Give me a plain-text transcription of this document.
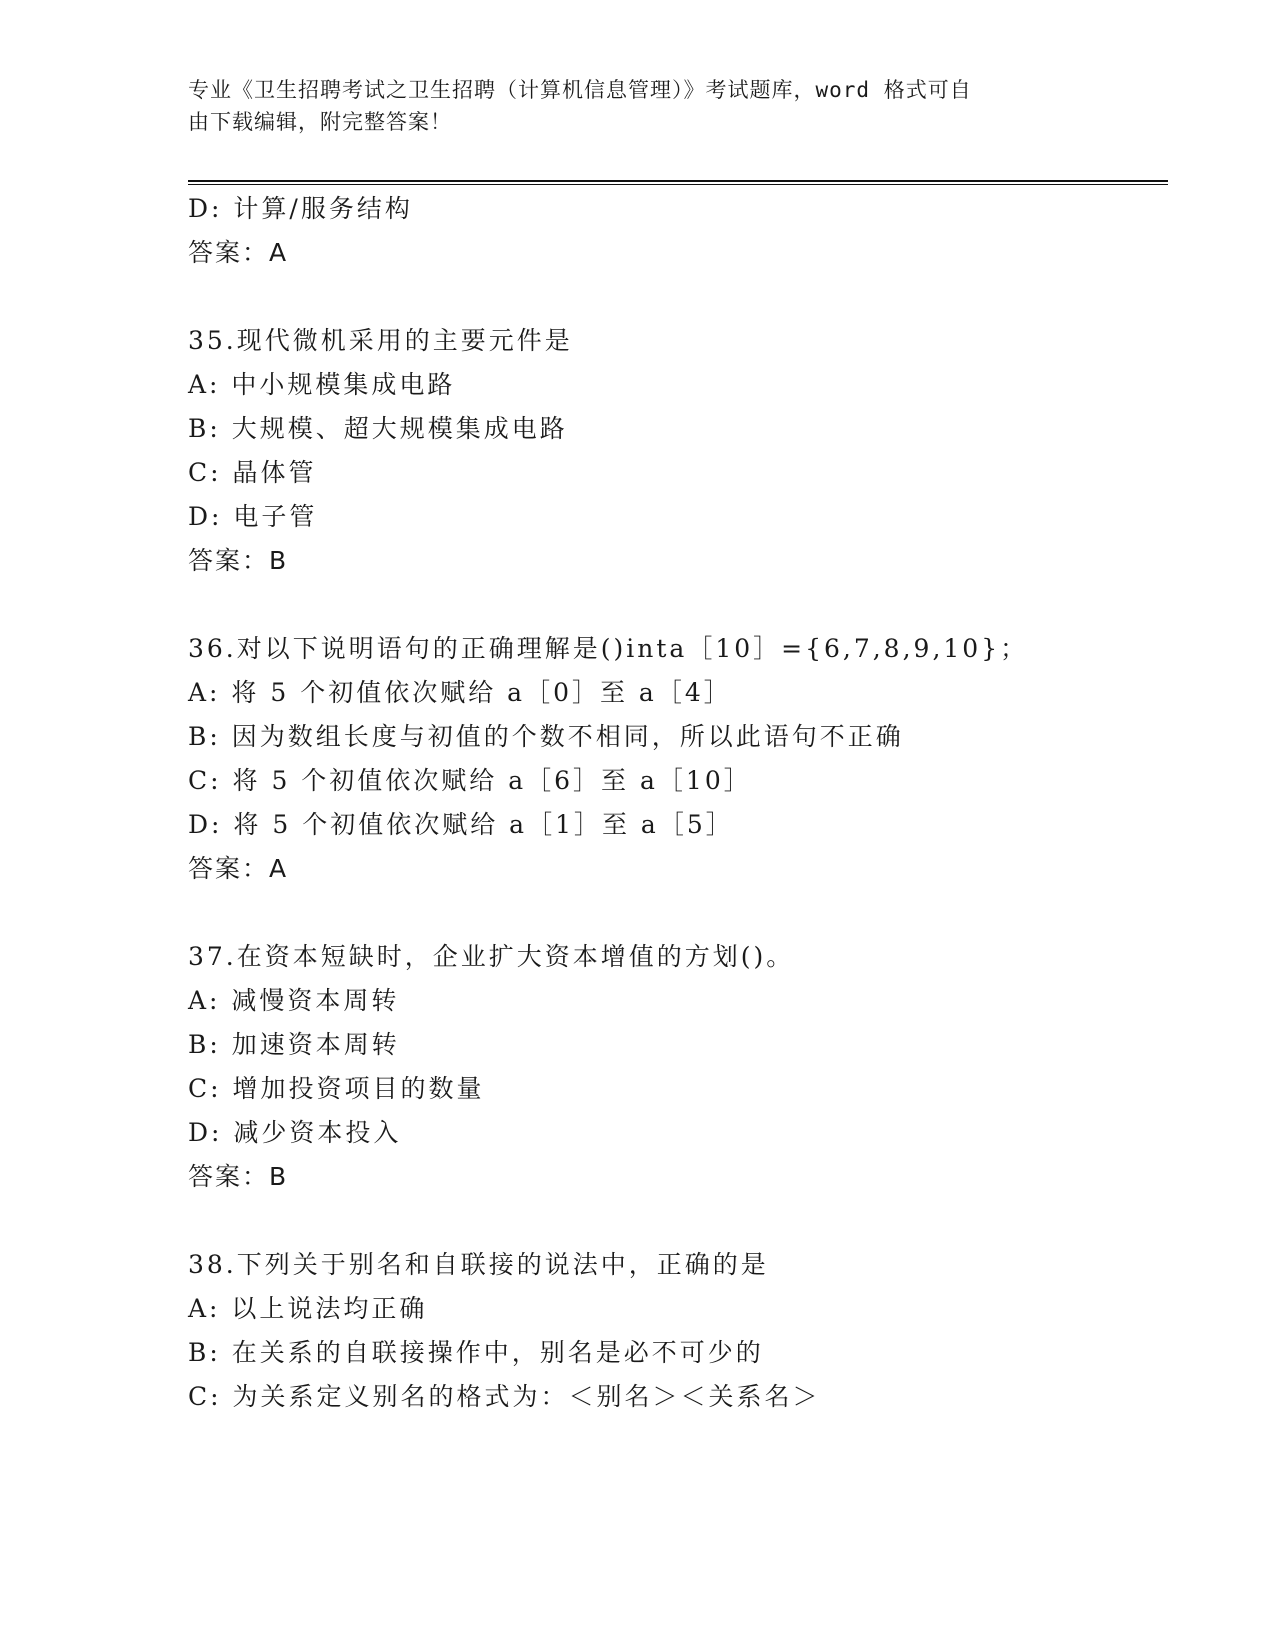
专业《卫生招聘考试之卫生招聘（计算机信息管理）》考试题库，word 格式可自
由下载编辑，附完整答案！
D: 计算/服务结构
答案：A
35.现代微机采用的主要元件是
A: 中小规模集成电路
B: 大规模、超大规模集成电路
C: 晶体管
D: 电子管
答案：B
36.对以下说明语句的正确理解是()inta［10］={6,7,8,9,10}；
A: 将 5 个初值依次赋给 a［0］至 a［4］
B: 因为数组长度与初值的个数不相同，所以此语句不正确
C: 将 5 个初值依次赋给 a［6］至 a［10］
D: 将 5 个初值依次赋给 a［1］至 a［5］
答案：A
37.在资本短缺时，企业扩大资本增值的方划()。
A: 减慢资本周转
B: 加速资本周转
C: 增加投资项目的数量
D: 减少资本投入
答案：B
38.下列关于别名和自联接的说法中，正确的是
A: 以上说法均正确
B: 在关系的自联接操作中，别名是必不可少的
C: 为关系定义别名的格式为：＜别名＞＜关系名＞
